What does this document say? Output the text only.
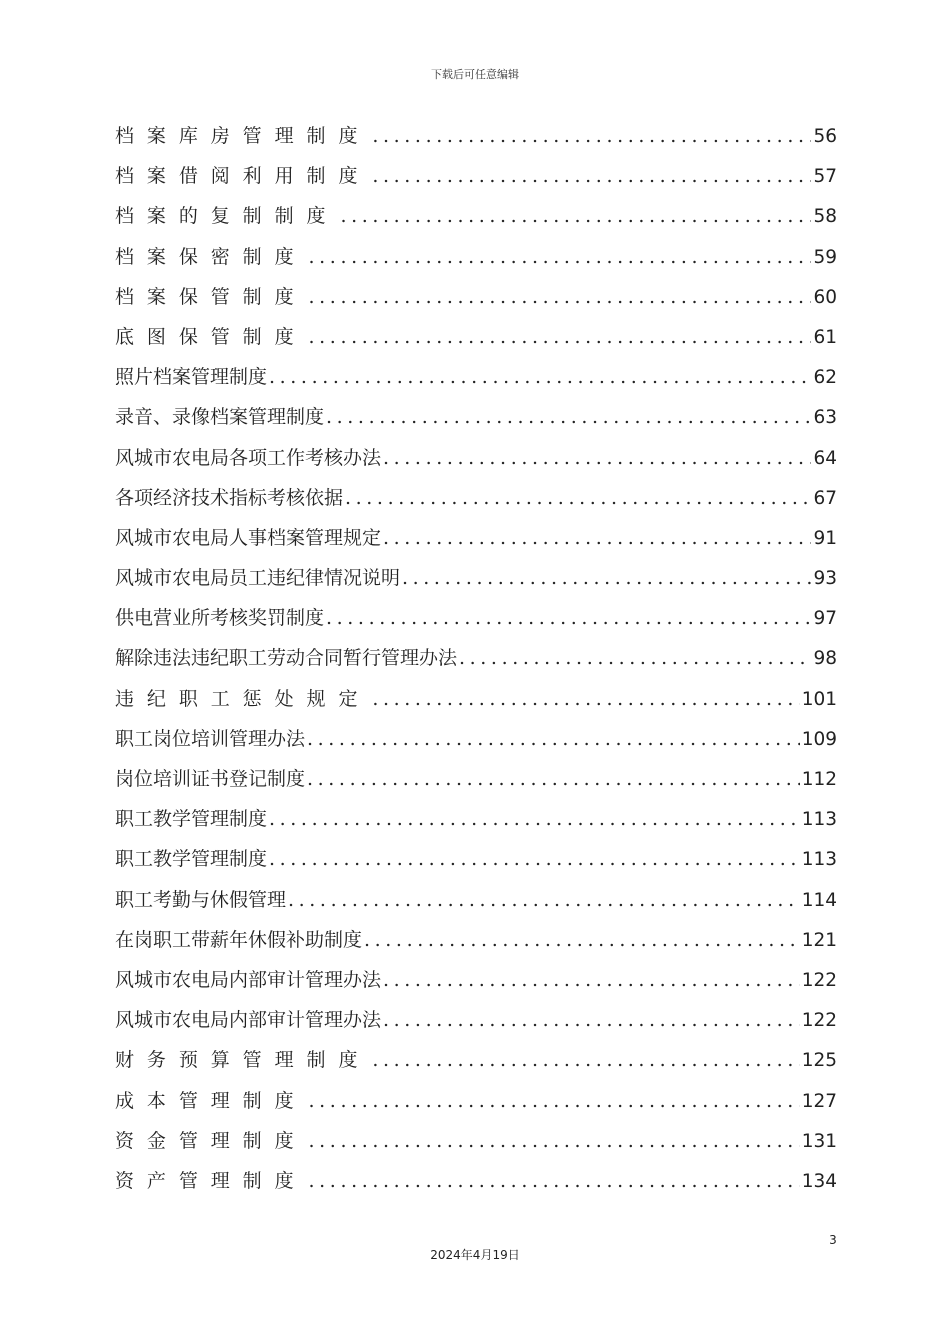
下载后可任意编辑
档案库房管理制度 .....	56
档案借阅利用制度 .....	57
档案的复制制度 .....	58
档案保密制度 .....	59
档案保管制度 .....	60
底图保管制度 .....	61
照片档案管理制度 .....	62
录音、录像档案管理制度 .....	63
风城市农电局各项工作考核办法 .....	64
各项经济技术指标考核依据 .....	67
风城市农电局人事档案管理规定 .....	91
风城市农电局员工违纪律情况说明 .....	93
供电营业所考核奖罚制度 .....	97
解除违法违纪职工劳动合同暂行管理办法 .....	98
违纪职工惩处规定 .....	101
职工岗位培训管理办法 .....	109
岗位培训证书登记制度 .....	112
职工教学管理制度 .....	113
职工教学管理制度 .....	113
职工考勤与休假管理 .....	114
在岗职工带薪年休假补助制度 .....	121
风城市农电局内部审计管理办法 .....	122
风城市农电局内部审计管理办法 .....	122
财务预算管理制度 .....	125
成本管理制度 .....	127
资金管理制度 .....	131
资产管理制度 .....	134
3
2024年4月19日
